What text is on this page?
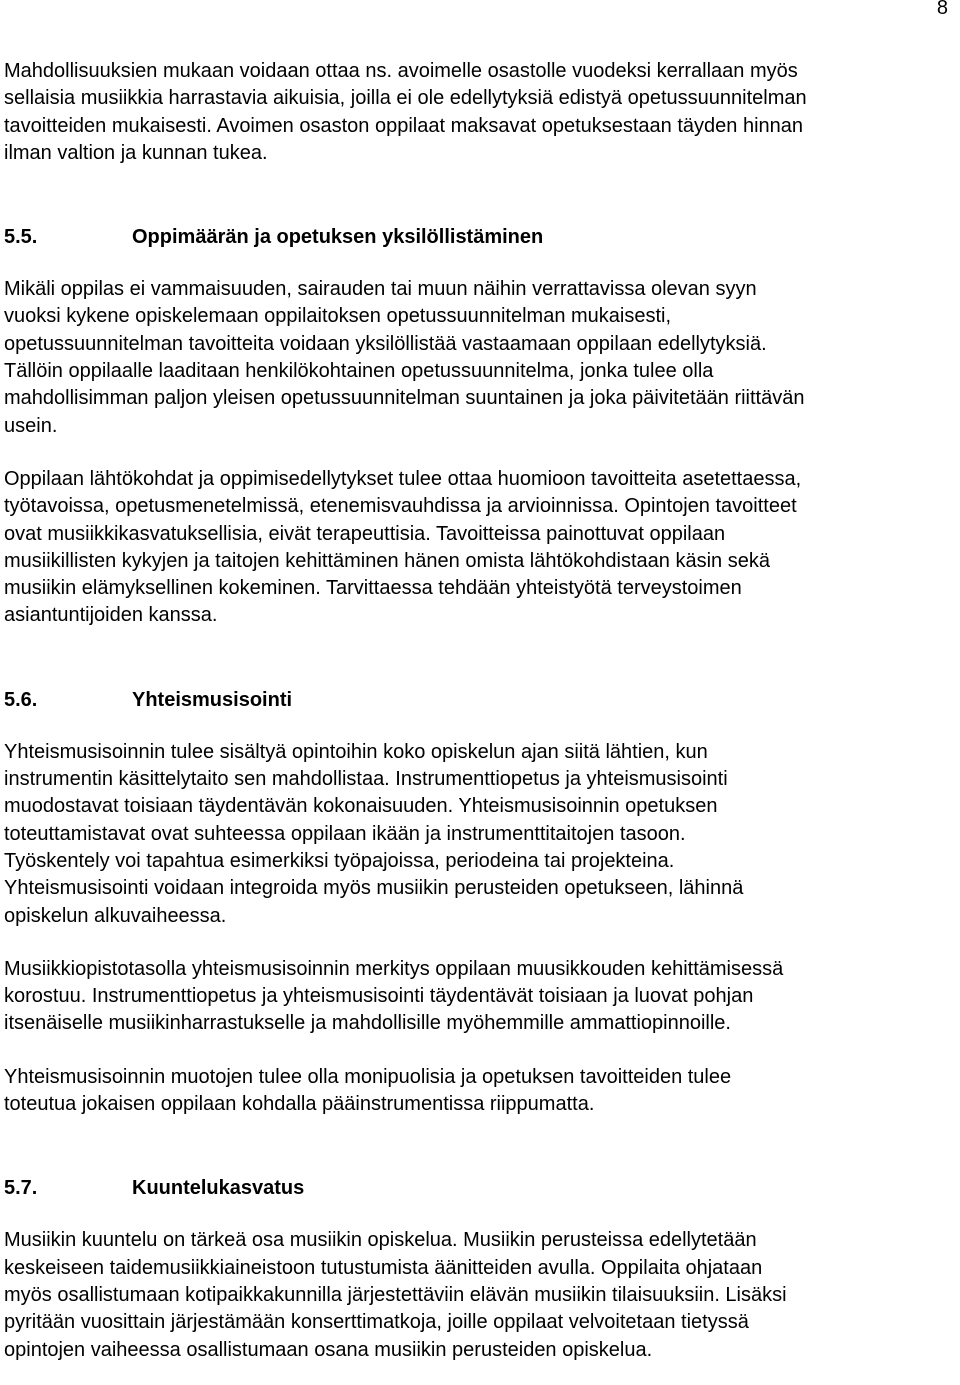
8

Mahdollisuuksien mukaan voidaan ottaa ns. avoimelle osastolle vuodeksi kerrallaan myös
sellaisia musiikkia harrastavia aikuisia, joilla ei ole edellytyksiä edistyä opetussuunnitelman
tavoitteiden mukaisesti. Avoimen osaston oppilaat maksavat opetuksestaan täyden hinnan
ilman valtion ja kunnan tukea.

5.5.	Oppimäärän ja opetuksen yksilöllistäminen

Mikäli oppilas ei vammaisuuden, sairauden tai muun näihin verrattavissa olevan syyn
vuoksi kykene opiskelemaan oppilaitoksen opetussuunnitelman mukaisesti,
opetussuunnitelman tavoitteita voidaan yksilöllistää vastaamaan oppilaan edellytyksiä.
Tällöin oppilaalle laaditaan henkilökohtainen opetussuunnitelma, jonka tulee olla
mahdollisimman paljon yleisen opetussuunnitelman suuntainen ja joka päivitetään riittävän
usein.

Oppilaan lähtökohdat ja oppimisedellytykset tulee ottaa huomioon tavoitteita asetettaessa,
työtavoissa, opetusmenetelmissä, etenemisvauhdissa ja arvioinnissa. Opintojen tavoitteet
ovat musiikkikasvatuksellisia, eivät terapeuttisia. Tavoitteissa painottuvat oppilaan
musiikillisten kykyjen ja taitojen kehittäminen hänen omista lähtökohdistaan käsin sekä
musiikin elämyksellinen kokeminen. Tarvittaessa tehdään yhteistyötä terveystoimen
asiantuntijoiden kanssa.

5.6.	Yhteismusisointi

Yhteismusisoinnin tulee sisältyä opintoihin koko opiskelun ajan siitä lähtien, kun
instrumentin käsittelytaito sen mahdollistaa. Instrumenttiopetus ja yhteismusisointi
muodostavat toisiaan täydentävän kokonaisuuden. Yhteismusisoinnin opetuksen
toteuttamistavat ovat suhteessa oppilaan ikään ja instrumenttitaitojen tasoon.
Työskentely voi tapahtua esimerkiksi työpajoissa, periodeina tai projekteina.
Yhteismusisointi voidaan integroida myös musiikin perusteiden opetukseen, lähinnä
opiskelun alkuvaiheessa.

Musiikkiopistotasolla yhteismusisoinnin merkitys oppilaan muusikkouden kehittämisessä
korostuu. Instrumenttiopetus ja yhteismusisointi täydentävät toisiaan ja luovat pohjan
itsenäiselle musiikinharrastukselle ja mahdollisille myöhemmille ammattiopinnoille.

Yhteismusisoinnin muotojen tulee olla monipuolisia ja opetuksen tavoitteiden tulee
toteutua jokaisen oppilaan kohdalla pääinstrumentissa riippumatta.

5.7.	Kuuntelukasvatus

Musiikin kuuntelu on tärkeä osa musiikin opiskelua. Musiikin perusteissa edellytetään
keskeiseen taidemusiikkiaineistoon tutustumista äänitteiden avulla. Oppilaita ohjataan
myös osallistumaan kotipaikkakunnilla järjestettäviin elävän musiikin tilaisuuksiin. Lisäksi
pyritään vuosittain järjestämään konserttimatkoja, joille oppilaat velvoitetaan tietyssä
opintojen vaiheessa osallistumaan osana musiikin perusteiden opiskelua.
